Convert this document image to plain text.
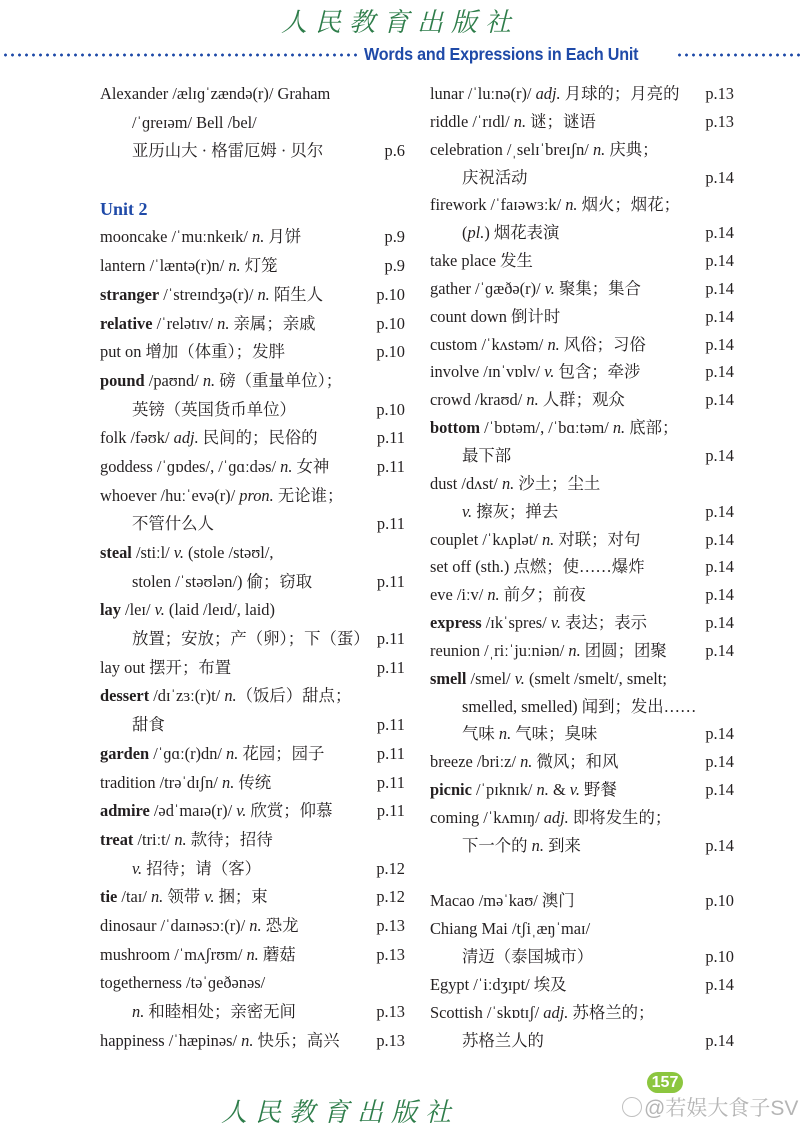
人民教育出版社
Words and Expressions in Each Unit
Alexander /ælɪɡˈzændə(r)/ Graham
/ˈɡreɪəm/ Bell /bel/
亚历山大 · 格雷厄姆 · 贝尔	p.6
Unit 2
mooncake /ˈmuːnkeɪk/ n. 月饼	p.9
lantern /ˈlæntə(r)n/ n. 灯笼	p.9
stranger /ˈstreɪndʒə(r)/ n. 陌生人	p.10
relative /ˈrelətɪv/ n. 亲属；亲戚	p.10
put on 增加（体重）；发胖	p.10
pound /paʊnd/ n. 磅（重量单位）；
英镑（英国货币单位）	p.10
folk /fəʊk/ adj. 民间的；民俗的	p.11
goddess /ˈɡɒdes/, /ˈɡɑːdəs/ n. 女神	p.11
whoever /huːˈevə(r)/ pron. 无论谁；
不管什么人	p.11
steal /stiːl/ v. (stole /stəʊl/,
stolen /ˈstəʊlən/) 偷；窃取	p.11
lay /leɪ/ v. (laid /leɪd/, laid)
放置；安放；产（卵）；下（蛋） p.11
lay out 摆开；布置	p.11
dessert /dɪˈzɜː(r)t/ n.（饭后）甜点；
甜食	p.11
garden /ˈɡɑː(r)dn/ n. 花园；园子	p.11
tradition /trəˈdɪʃn/ n. 传统	p.11
admire /ədˈmaɪə(r)/ v. 欣赏；仰慕	p.11
treat /triːt/ n. 款待；招待
v. 招待；请（客）	p.12
tie /taɪ/ n. 领带 v. 捆；束	p.12
dinosaur /ˈdaɪnəsɔː(r)/ n. 恐龙	p.13
mushroom /ˈmʌʃrʊm/ n. 蘑菇	p.13
togetherness /təˈɡeðənəs/
n. 和睦相处；亲密无间	p.13
happiness /ˈhæpinəs/ n. 快乐；高兴 p.13
lunar /ˈluːnə(r)/ adj. 月球的；月亮的 p.13
riddle /ˈrɪdl/ n. 谜；谜语	p.13
celebration /ˌselɪˈbreɪʃn/ n. 庆典；
庆祝活动	p.14
firework /ˈfaɪəwɜːk/ n. 烟火；烟花；
(pl.) 烟花表演	p.14
take place 发生	p.14
gather /ˈɡæðə(r)/ v. 聚集；集合	p.14
count down 倒计时	p.14
custom /ˈkʌstəm/ n. 风俗；习俗	p.14
involve /ɪnˈvɒlv/ v. 包含；牵涉	p.14
crowd /kraʊd/ n. 人群；观众	p.14
bottom /ˈbɒtəm/, /ˈbɑːtəm/ n. 底部；
最下部	p.14
dust /dʌst/ n. 沙土；尘土
v. 擦灰；掸去	p.14
couplet /ˈkʌplət/ n. 对联；对句	p.14
set off (sth.) 点燃；使……爆炸	p.14
eve /iːv/ n. 前夕；前夜	p.14
express /ɪkˈspres/ v. 表达；表示	p.14
reunion /ˌriːˈjuːniən/ n. 团圆；团聚 p.14
smell /smel/ v. (smelt /smelt/, smelt;
smelled, smelled) 闻到；发出……
气味 n. 气味；臭味	p.14
breeze /briːz/ n. 微风；和风	p.14
picnic /ˈpɪknɪk/ n. & v. 野餐	p.14
coming /ˈkʌmɪŋ/ adj. 即将发生的；
下一个的 n. 到来	p.14
Macao /məˈkaʊ/ 澳门	p.10
Chiang Mai /tʃiˌæŋˈmaɪ/
清迈（泰国城市）	p.10
Egypt /ˈiːdʒɪpt/ 埃及	p.14
Scottish /ˈskɒtɪʃ/ adj. 苏格兰的；
苏格兰人的	p.14
人民教育出版社
157
@若娱大食子SV
